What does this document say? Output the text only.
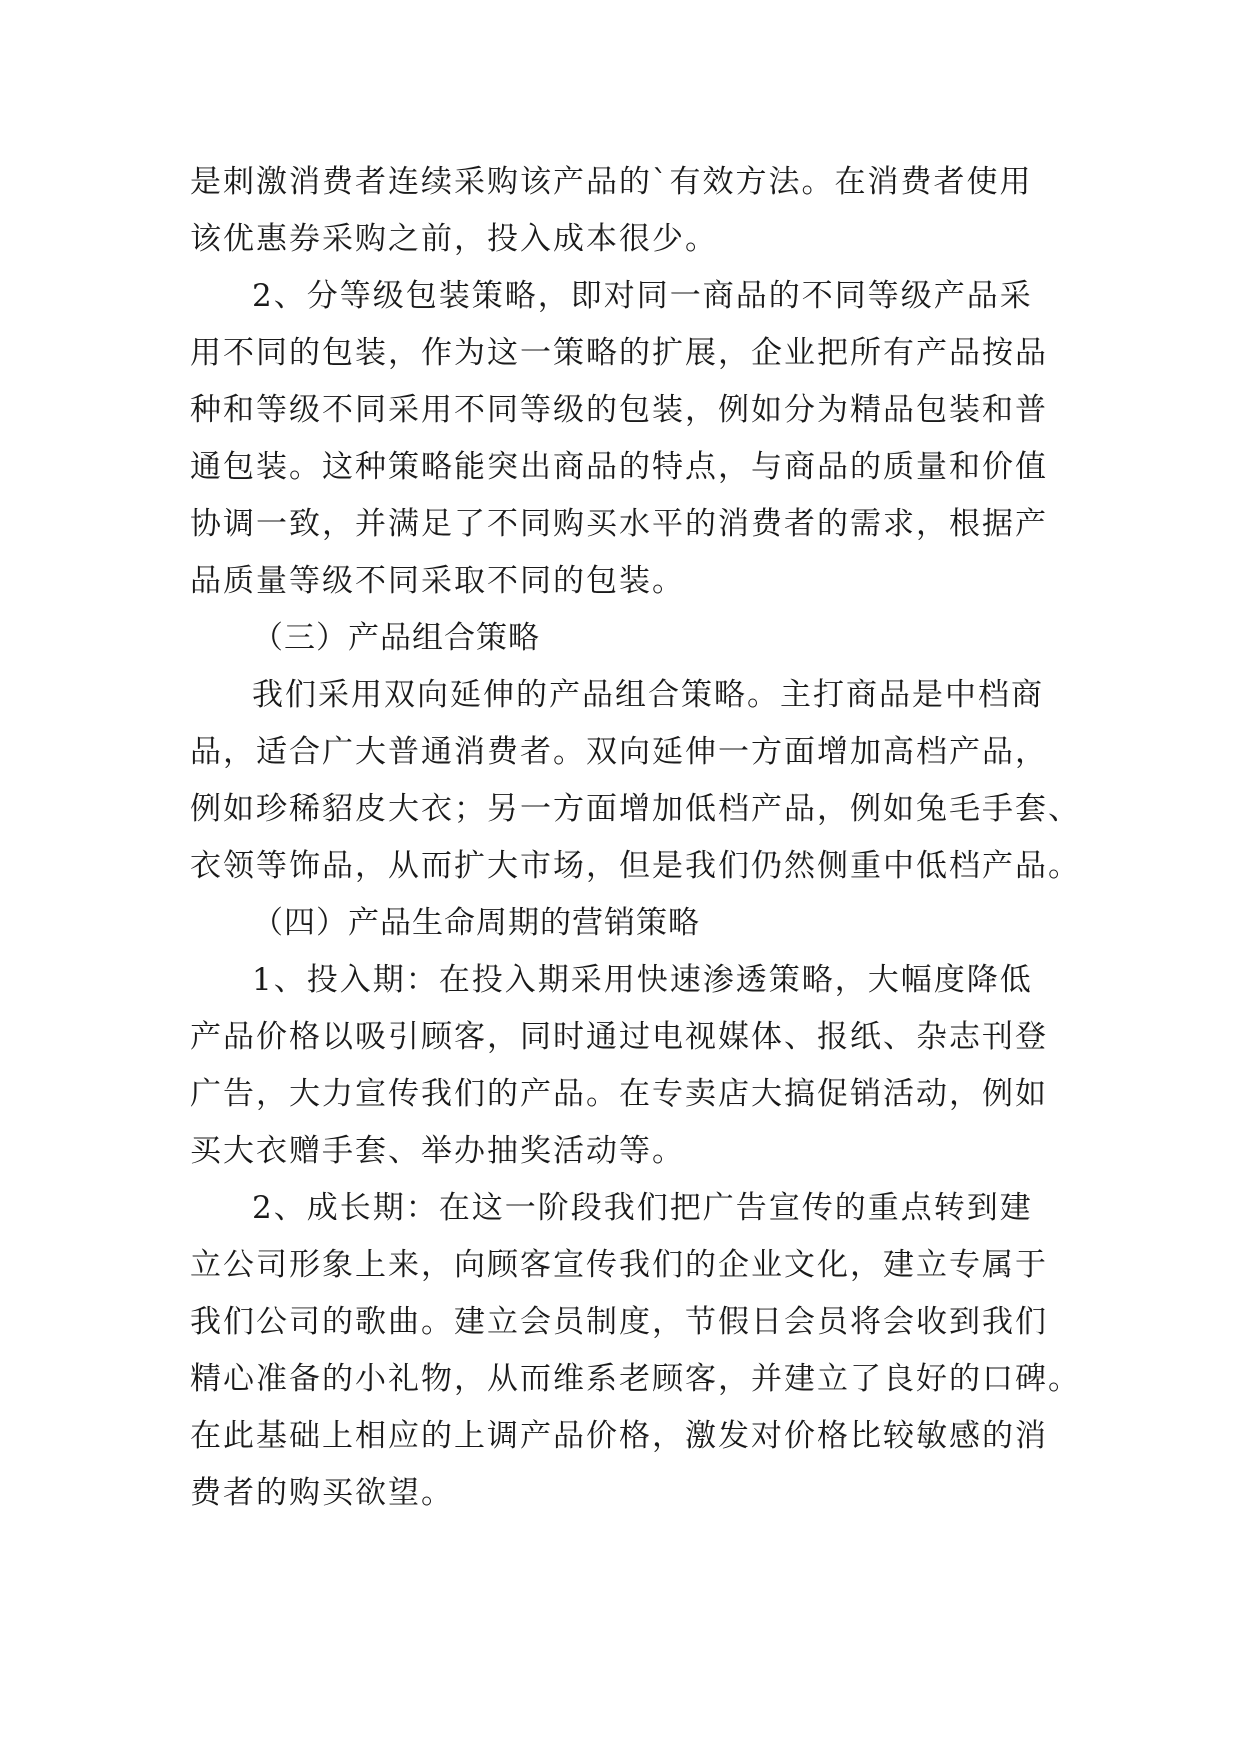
是刺激消费者连续采购该产品的`有效方法。在消费者使用
该优惠券采购之前，投入成本很少。
2、分等级包装策略，即对同一商品的不同等级产品采
用不同的包装，作为这一策略的扩展，企业把所有产品按品
种和等级不同采用不同等级的包装，例如分为精品包装和普
通包装。这种策略能突出商品的特点，与商品的质量和价值
协调一致，并满足了不同购买水平的消费者的需求，根据产
品质量等级不同采取不同的包装。
（三）产品组合策略
我们采用双向延伸的产品组合策略。主打商品是中档商
品，适合广大普通消费者。双向延伸一方面增加高档产品，
例如珍稀貂皮大衣；另一方面增加低档产品，例如兔毛手套、
衣领等饰品，从而扩大市场，但是我们仍然侧重中低档产品。
（四）产品生命周期的营销策略
1、投入期：在投入期采用快速渗透策略，大幅度降低
产品价格以吸引顾客，同时通过电视媒体、报纸、杂志刊登
广告，大力宣传我们的产品。在专卖店大搞促销活动，例如
买大衣赠手套、举办抽奖活动等。
2、成长期：在这一阶段我们把广告宣传的重点转到建
立公司形象上来，向顾客宣传我们的企业文化，建立专属于
我们公司的歌曲。建立会员制度，节假日会员将会收到我们
精心准备的小礼物，从而维系老顾客，并建立了良好的口碑。
在此基础上相应的上调产品价格，激发对价格比较敏感的消
费者的购买欲望。
